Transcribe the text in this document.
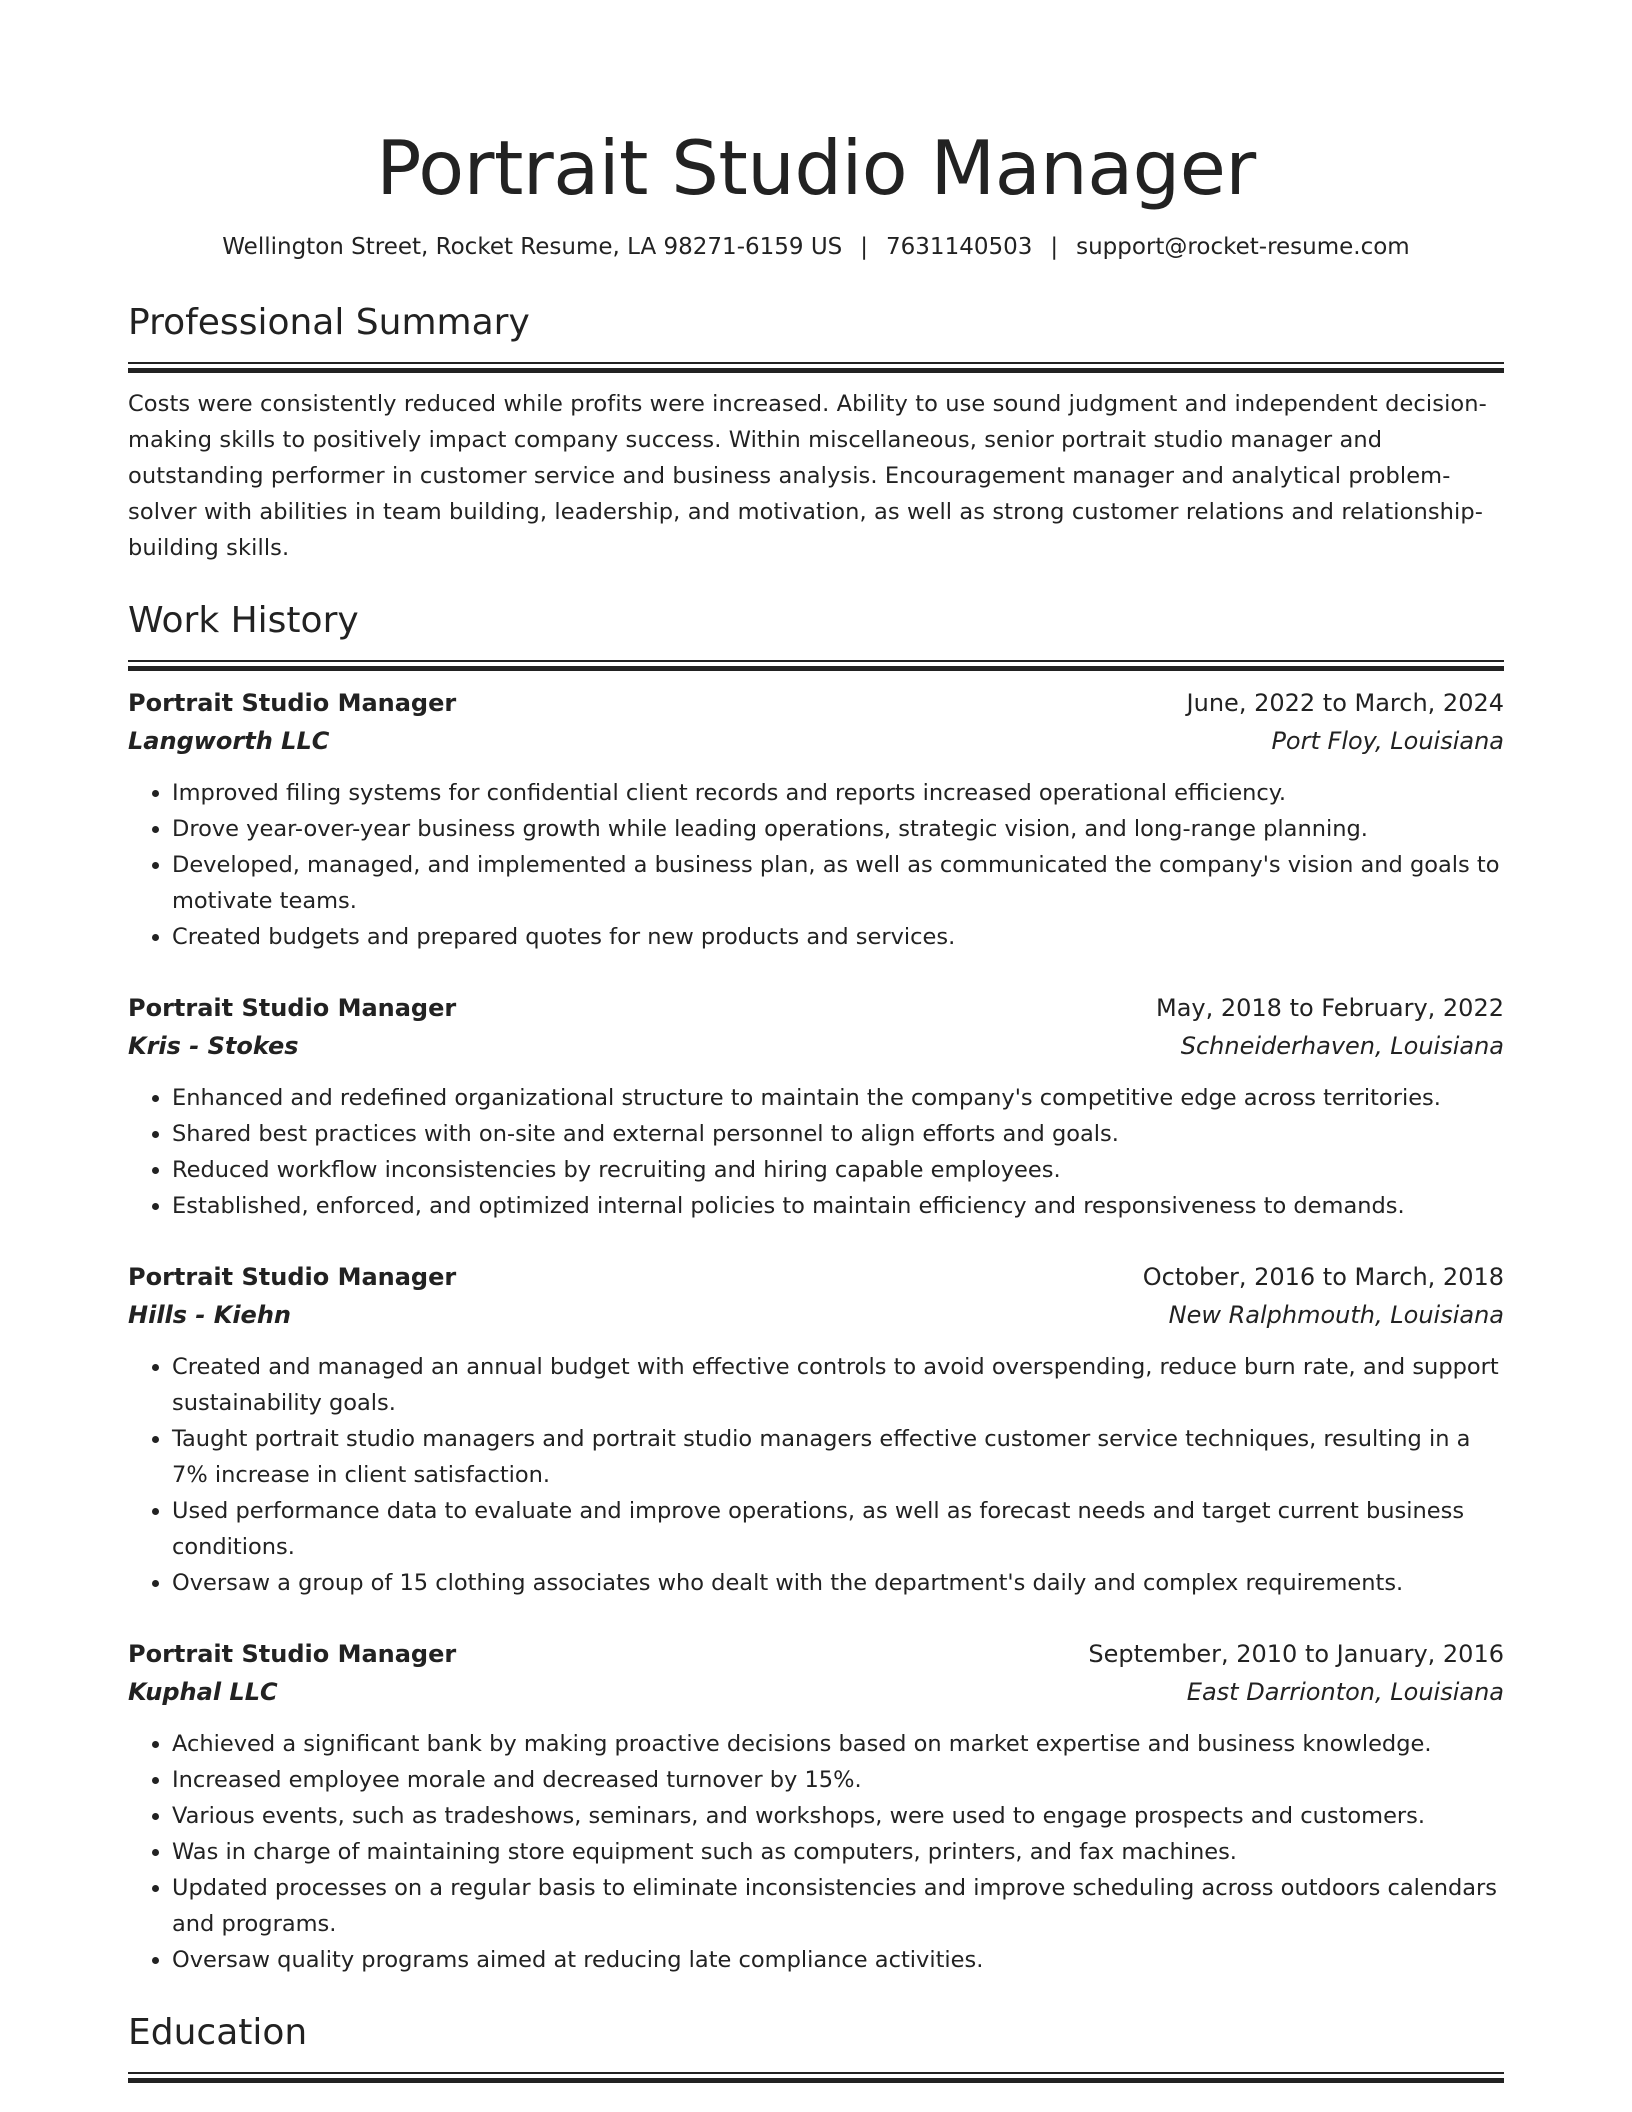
Portrait Studio Manager
Wellington Street, Rocket Resume, LA 98271-6159 US | 7631140503 | support@rocket-resume.com
Professional Summary

Costs were consistently reduced while profits were increased. Ability to use sound judgment and independent decision-making skills to positively impact company success. Within miscellaneous, senior portrait studio manager and outstanding performer in customer service and business analysis. Encouragement manager and analytical problem-solver with abilities in team building, leadership, and motivation, as well as strong customer relations and relationship-building skills.

Work History
Portrait Studio Manager	June, 2022 to March, 2024
Langworth LLC	Port Floy, Louisiana
• Improved filing systems for confidential client records and reports increased operational efficiency.
• Drove year-over-year business growth while leading operations, strategic vision, and long-range planning.
• Developed, managed, and implemented a business plan, as well as communicated the company's vision and goals to motivate teams.
• Created budgets and prepared quotes for new products and services.
Portrait Studio Manager	May, 2018 to February, 2022
Kris - Stokes	Schneiderhaven, Louisiana
• Enhanced and redefined organizational structure to maintain the company's competitive edge across territories.
• Shared best practices with on-site and external personnel to align efforts and goals.
• Reduced workflow inconsistencies by recruiting and hiring capable employees.
• Established, enforced, and optimized internal policies to maintain efficiency and responsiveness to demands.
Portrait Studio Manager	October, 2016 to March, 2018
Hills - Kiehn	New Ralphmouth, Louisiana
• Created and managed an annual budget with effective controls to avoid overspending, reduce burn rate, and support sustainability goals.
• Taught portrait studio managers and portrait studio managers effective customer service techniques, resulting in a 7% increase in client satisfaction.
• Used performance data to evaluate and improve operations, as well as forecast needs and target current business conditions.
• Oversaw a group of 15 clothing associates who dealt with the department's daily and complex requirements.
Portrait Studio Manager	September, 2010 to January, 2016
Kuphal LLC	East Darrionton, Louisiana
• Achieved a significant bank by making proactive decisions based on market expertise and business knowledge.
• Increased employee morale and decreased turnover by 15%.
• Various events, such as tradeshows, seminars, and workshops, were used to engage prospects and customers.
• Was in charge of maintaining store equipment such as computers, printers, and fax machines.
• Updated processes on a regular basis to eliminate inconsistencies and improve scheduling across outdoors calendars and programs.
• Oversaw quality programs aimed at reducing late compliance activities.
Education
